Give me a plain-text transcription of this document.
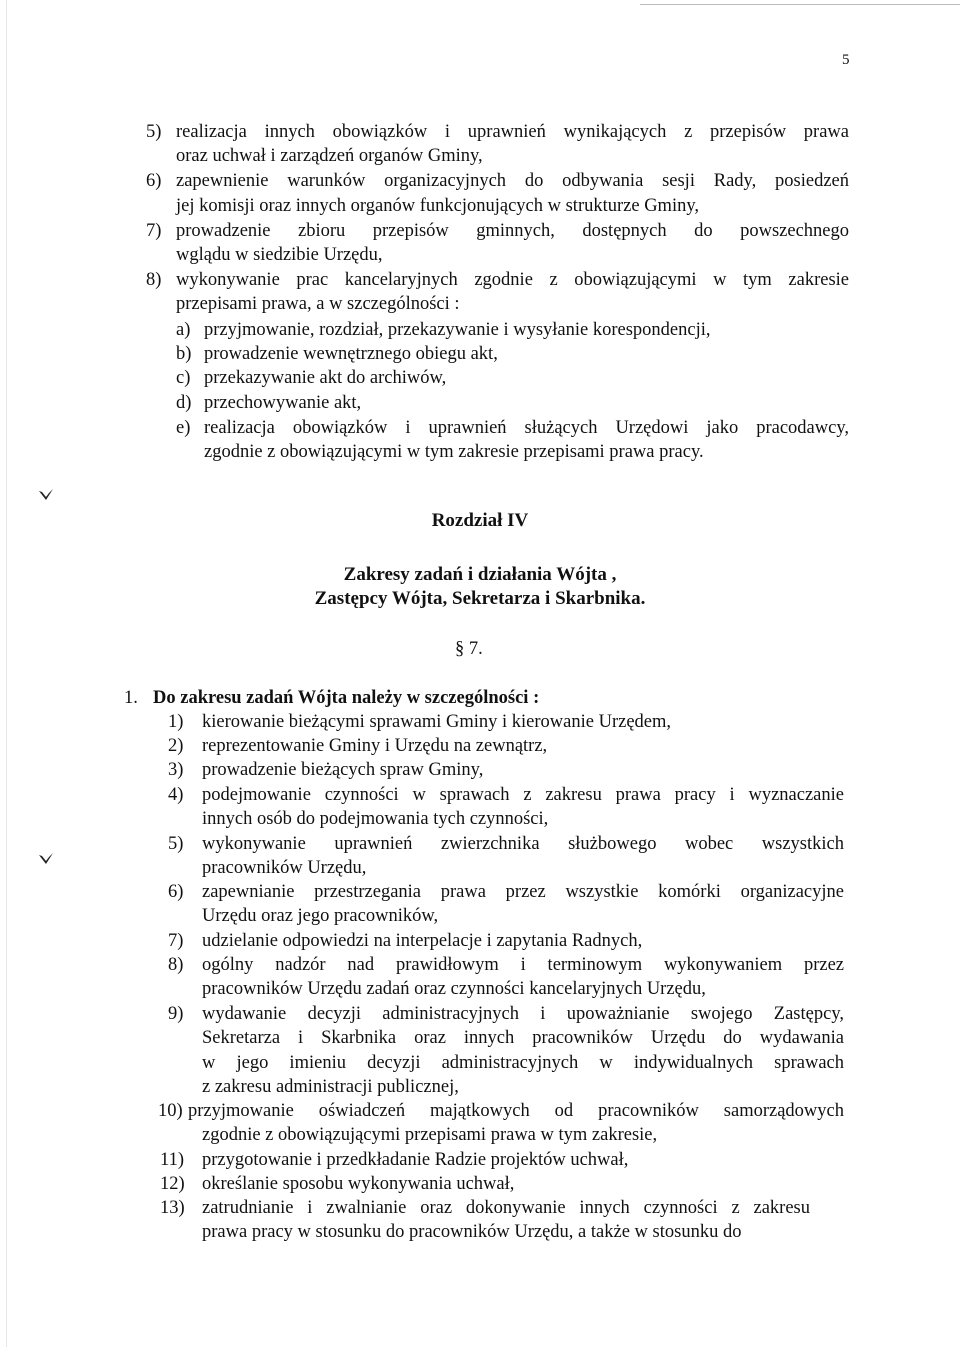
5
5) realizacja innych obowiązków i uprawnień wynikających z przepisów prawa
oraz uchwał i zarządzeń organów Gminy,
6) zapewnienie warunków organizacyjnych do odbywania sesji Rady, posiedzeń
jej komisji oraz innych organów funkcjonujących w strukturze Gminy,
7) prowadzenie zbioru przepisów gminnych, dostępnych do powszechnego
wglądu w siedzibie Urzędu,
8) wykonywanie prac kancelaryjnych zgodnie z obowiązującymi w tym zakresie
przepisami prawa, a w szczególności :
a) przyjmowanie, rozdział, przekazywanie i wysyłanie korespondencji,
b) prowadzenie wewnętrznego obiegu akt,
c) przekazywanie akt do archiwów,
d) przechowywanie akt,
e) realizacja obowiązków i uprawnień służących Urzędowi jako pracodawcy,
zgodnie z obowiązującymi w tym zakresie przepisami prawa pracy.
Rozdział IV
Zakresy zadań i działania Wójta ,
Zastępcy Wójta, Sekretarza i Skarbnika.
§ 7.
1. Do zakresu zadań Wójta należy w szczególności :
1) kierowanie bieżącymi sprawami Gminy i kierowanie Urzędem,
2) reprezentowanie Gminy i Urzędu na zewnątrz,
3) prowadzenie bieżących spraw Gminy,
4) podejmowanie czynności w sprawach z zakresu prawa pracy i wyznaczanie
innych osób do podejmowania tych czynności,
5) wykonywanie uprawnień zwierzchnika służbowego wobec wszystkich
pracowników Urzędu,
6) zapewnianie przestrzegania prawa przez wszystkie komórki organizacyjne
Urzędu oraz jego pracowników,
7) udzielanie odpowiedzi na interpelacje i zapytania Radnych,
8) ogólny nadzór nad prawidłowym i terminowym wykonywaniem przez
pracowników Urzędu zadań oraz czynności kancelaryjnych Urzędu,
9) wydawanie decyzji administracyjnych i upoważnianie swojego Zastępcy,
Sekretarza i Skarbnika oraz innych pracowników Urzędu do wydawania
w jego imieniu decyzji administracyjnych w indywidualnych sprawach
z zakresu administracji publicznej,
10) przyjmowanie oświadczeń majątkowych od pracowników samorządowych
zgodnie z obowiązującymi przepisami prawa w tym zakresie,
11) przygotowanie i przedkładanie Radzie projektów uchwał,
12) określanie sposobu wykonywania uchwał,
13) zatrudnianie i zwalnianie oraz dokonywanie innych czynności z zakresu
prawa pracy w stosunku do pracowników Urzędu, a także w stosunku do
